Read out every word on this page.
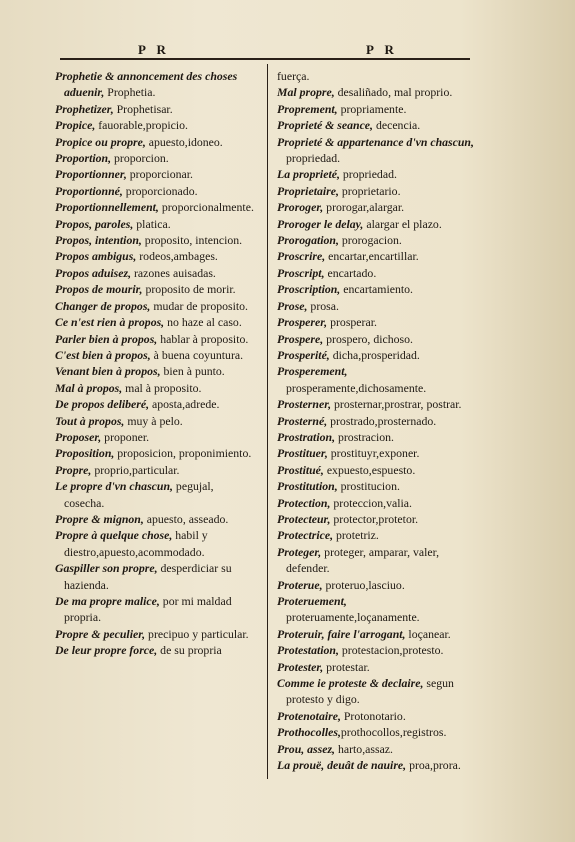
P R	P R

Prophetie & annoncement des choses aduenir, Prophetia.

Prophetizer, Prophetisar.

Propice, fauorable,propicio.

Propice ou propre, apuesto,idoneo.

Proportion, proporcion.

Proportionner, proporcionar.

Proportionné, proporcionado.

Proportionnellement, proporcionalmente.

Propos, paroles, platica.

Propos, intention, proposito, intencion.

Propos ambigus, rodeos,ambages.

Propos aduisez, razones auisadas.

Propos de mourir, proposito de morir.

Changer de propos, mudar de proposito.

Ce n'est rien à propos, no haze al caso.

Parler bien à propos, hablar à proposito.

C'est bien à propos, à buena coyuntura.

Venant bien à propos, bien à punto.

Mal à propos, mal à proposito.

De propos deliberé, aposta,adrede.

Tout à propos, muy à pelo.

Proposer, proponer.

Proposition, proposicion, proponimiento.

Propre, proprio,particular.

Le propre d'vn chascun, pegujal, cosecha.

Propre & mignon, apuesto, asseado.

Propre à quelque chose, habil y diestro,apuesto,acommodado.

Gaspiller son propre, desperdiciar su hazienda.

De ma propre malice, por mi maldad propria.

Propre & peculier, precipuo y particular.

De leur propre force, de su propria

fuerça.

Mal propre, desaliñado, mal proprio.

Proprement, propriamente.

Proprieté & seance, decencia.

Proprieté & appartenance d'vn chascun, propriedad.

La proprieté, propriedad.

Proprietaire, proprietario.

Proroger, prorogar,alargar.

Proroger le delay, alargar el plazo.

Prorogation, prorogacion.

Proscrire, encartar,encartillar.

Proscript, encartado.

Proscription, encartamiento.

Prose, prosa.

Prosperer, prosperar.

Prospere, prospero, dichoso.

Prosperité, dicha,prosperidad.

Prosperement, prosperamente,dichosamente.

Prosterner, prosternar,prostrar, postrar.

Prosterné, prostrado,prosternado.

Prostration, prostracion.

Prostituer, prostituyr,exponer.

Prostitué, expuesto,espuesto.

Prostitution, prostitucion.

Protection, proteccion,valia.

Protecteur, protector,protetor.

Protectrice, protetriz.

Proteger, proteger, amparar, valer, defender.

Proterue, proteruo,lasciuo.

Proteruement, proteruamente,loçanamente.

Proteruir, faire l'arrogant, loçanear.

Protestation, protestacion,protesto.

Protester, protestar.

Comme ie proteste & declaire, segun protesto y digo.

Protenotaire, Protonotario.

Prothocolles,prothocollos,registros.

Prou, assez, harto,assaz.

La prouë, deuât de nauire, proa,prora.
